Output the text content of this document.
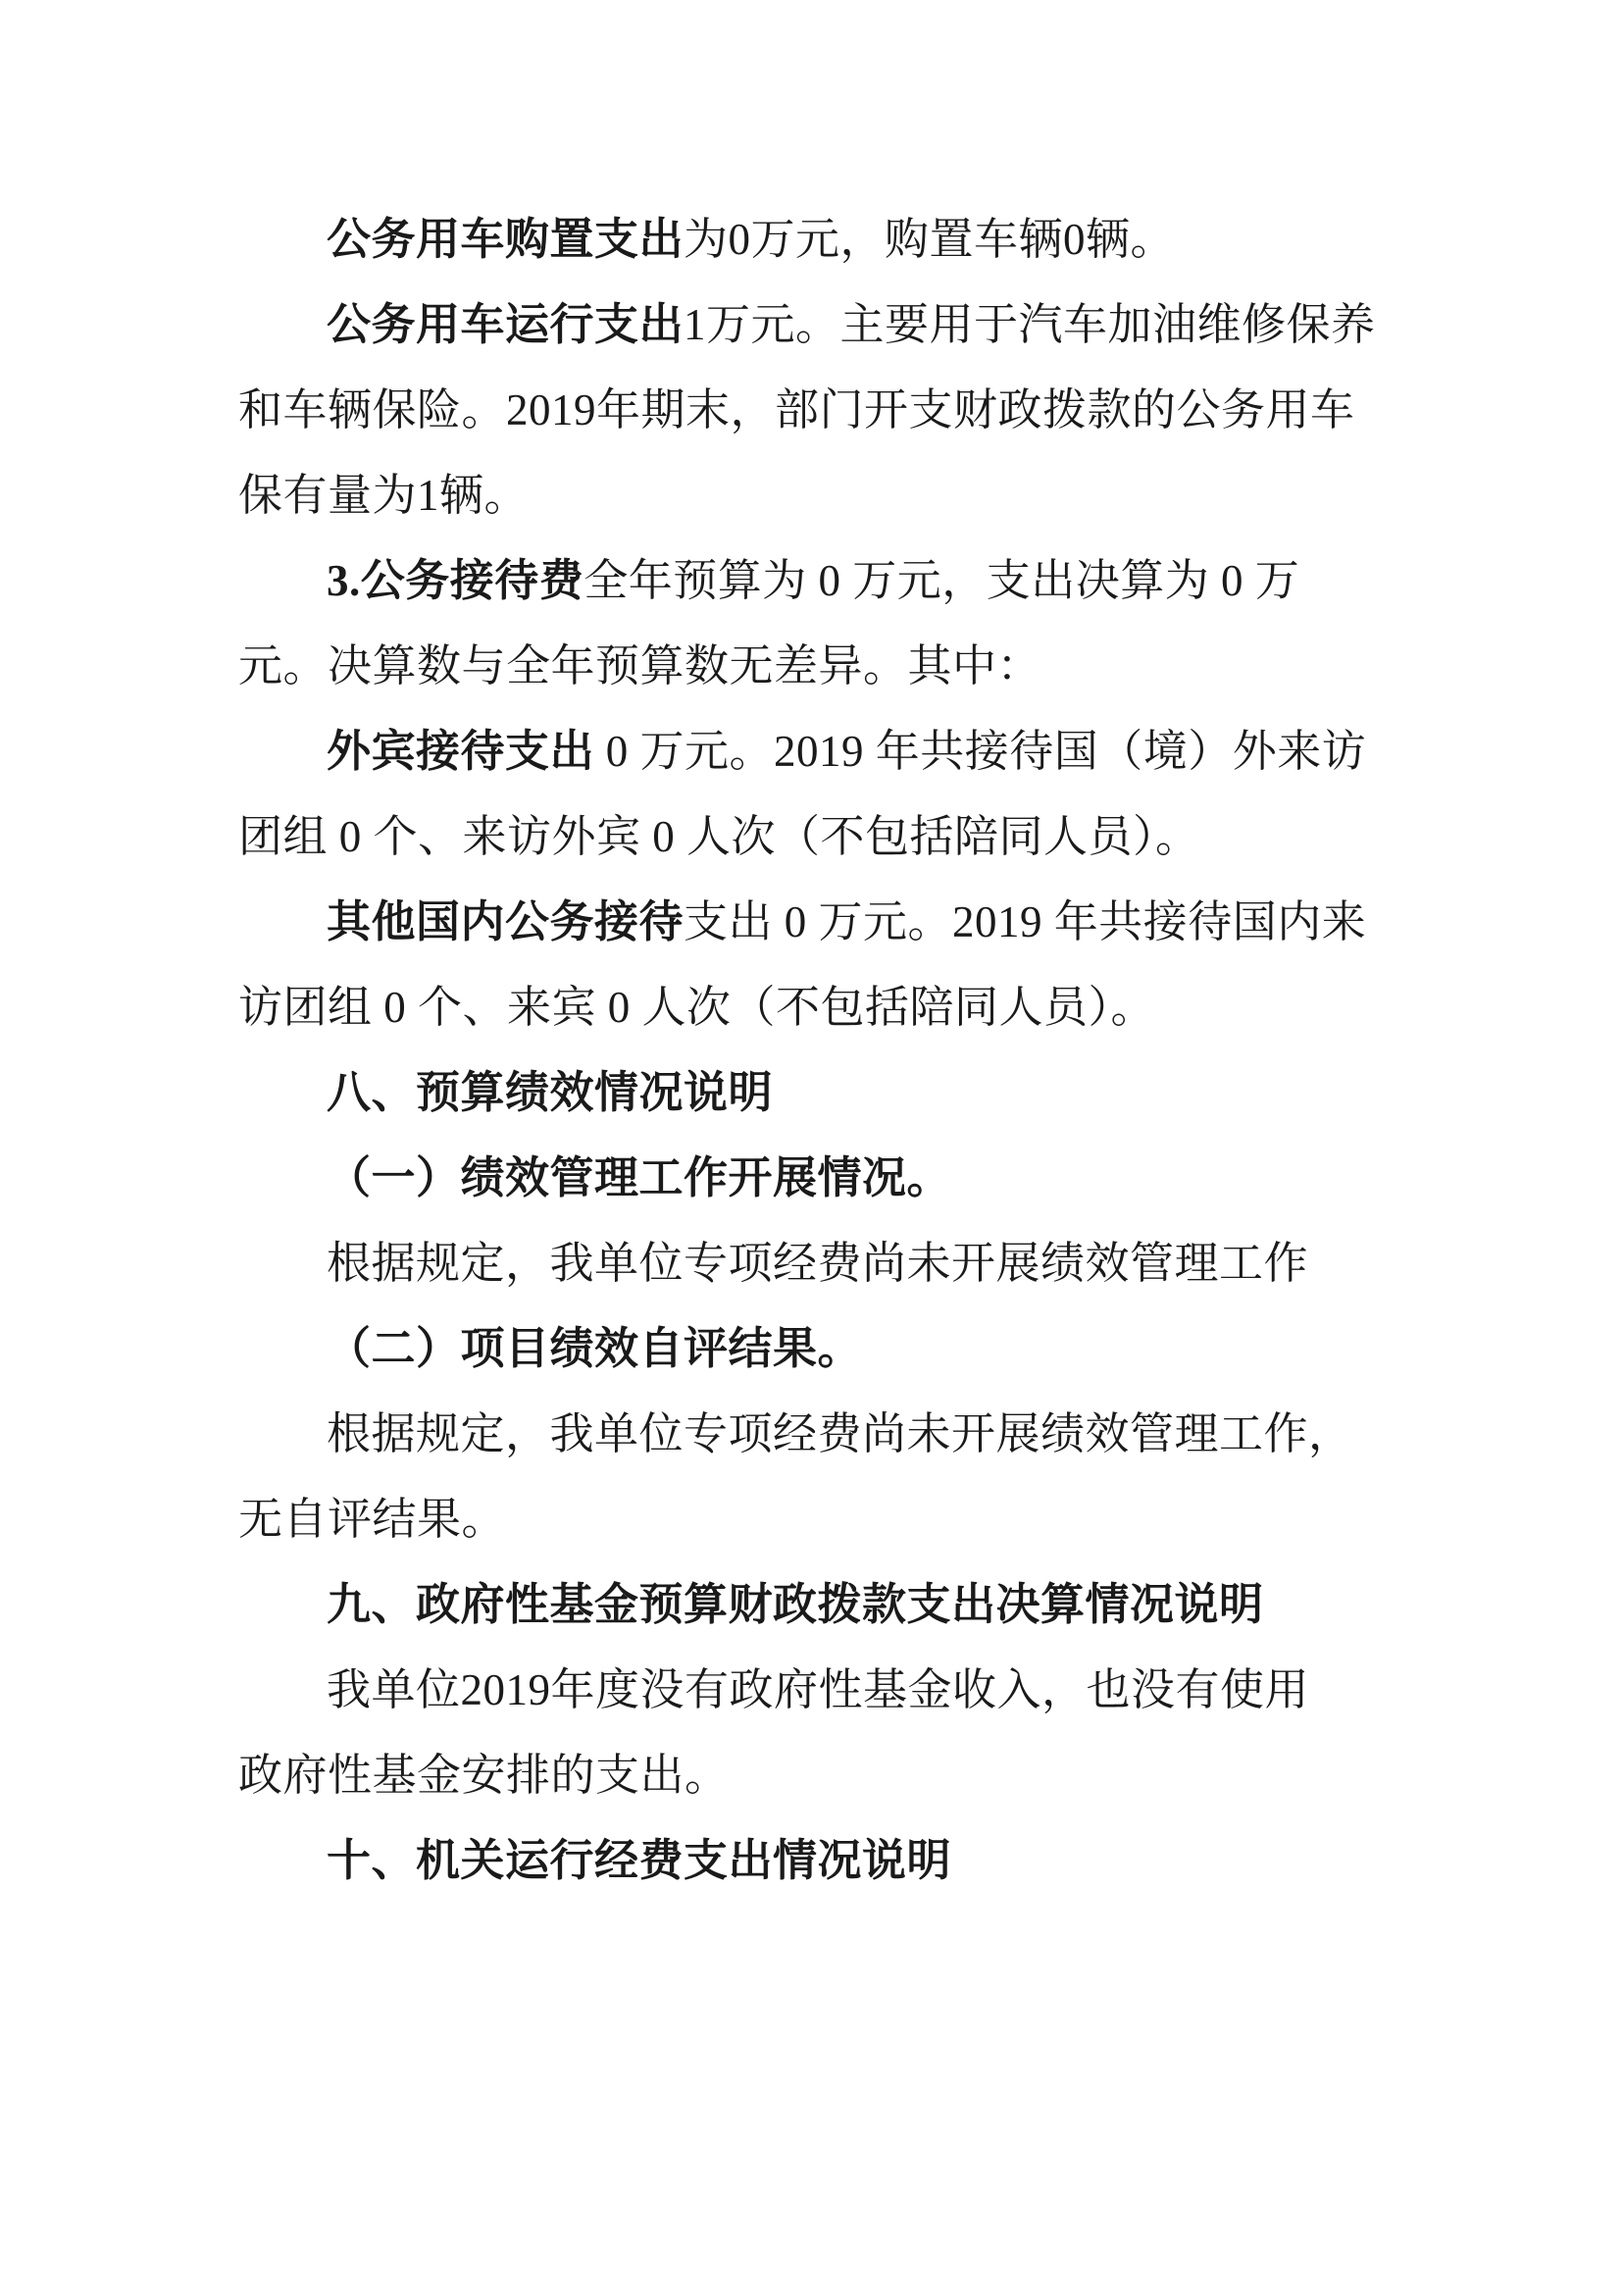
公务用车购置支出为0万元，购置车辆0辆。
公务用车运行支出1万元。主要用于汽车加油维修保养
和车辆保险。2019年期末，部门开支财政拨款的公务用车
保有量为1辆。
3.公务接待费全年预算为 0 万元，支出决算为 0 万
元。决算数与全年预算数无差异。其中：
外宾接待支出 0 万元。2019 年共接待国（境）外来访
团组 0 个、来访外宾 0 人次（不包括陪同人员）。
其他国内公务接待支出 0 万元。2019 年共接待国内来
访团组 0 个、来宾 0 人次（不包括陪同人员）。
八、预算绩效情况说明
（一）绩效管理工作开展情况。
根据规定，我单位专项经费尚未开展绩效管理工作
（二）项目绩效自评结果。
根据规定，我单位专项经费尚未开展绩效管理工作，
无自评结果。
九、政府性基金预算财政拨款支出决算情况说明
我单位2019年度没有政府性基金收入，也没有使用
政府性基金安排的支出。
十、机关运行经费支出情况说明
